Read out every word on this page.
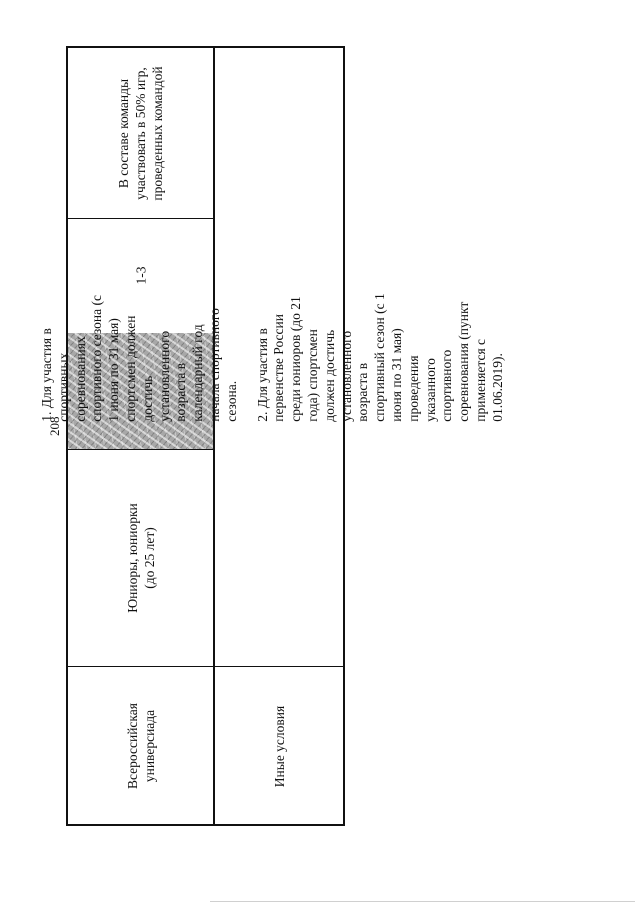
208
В составе команды участвовать в 50% игр, проведенных командой
1-3
Юниоры, юниорки (до 25 лет)
Всероссийская универсиада

1. Для участия в спортивных соревнованиях спортивного сезона (с 1 июня по 31 мая) спортсмен должен достичь установленного возраста в календарный год начала спортивного сезона. 2. Для участия в первенстве России среди юниоров (до 21 года) спортсмен должен достичь установленного возраста в спортивный сезон (с 1 июня по 31 мая) проведения указанного спортивного соревнования (пункт применяется с 01.06.2019).

Иные условия
